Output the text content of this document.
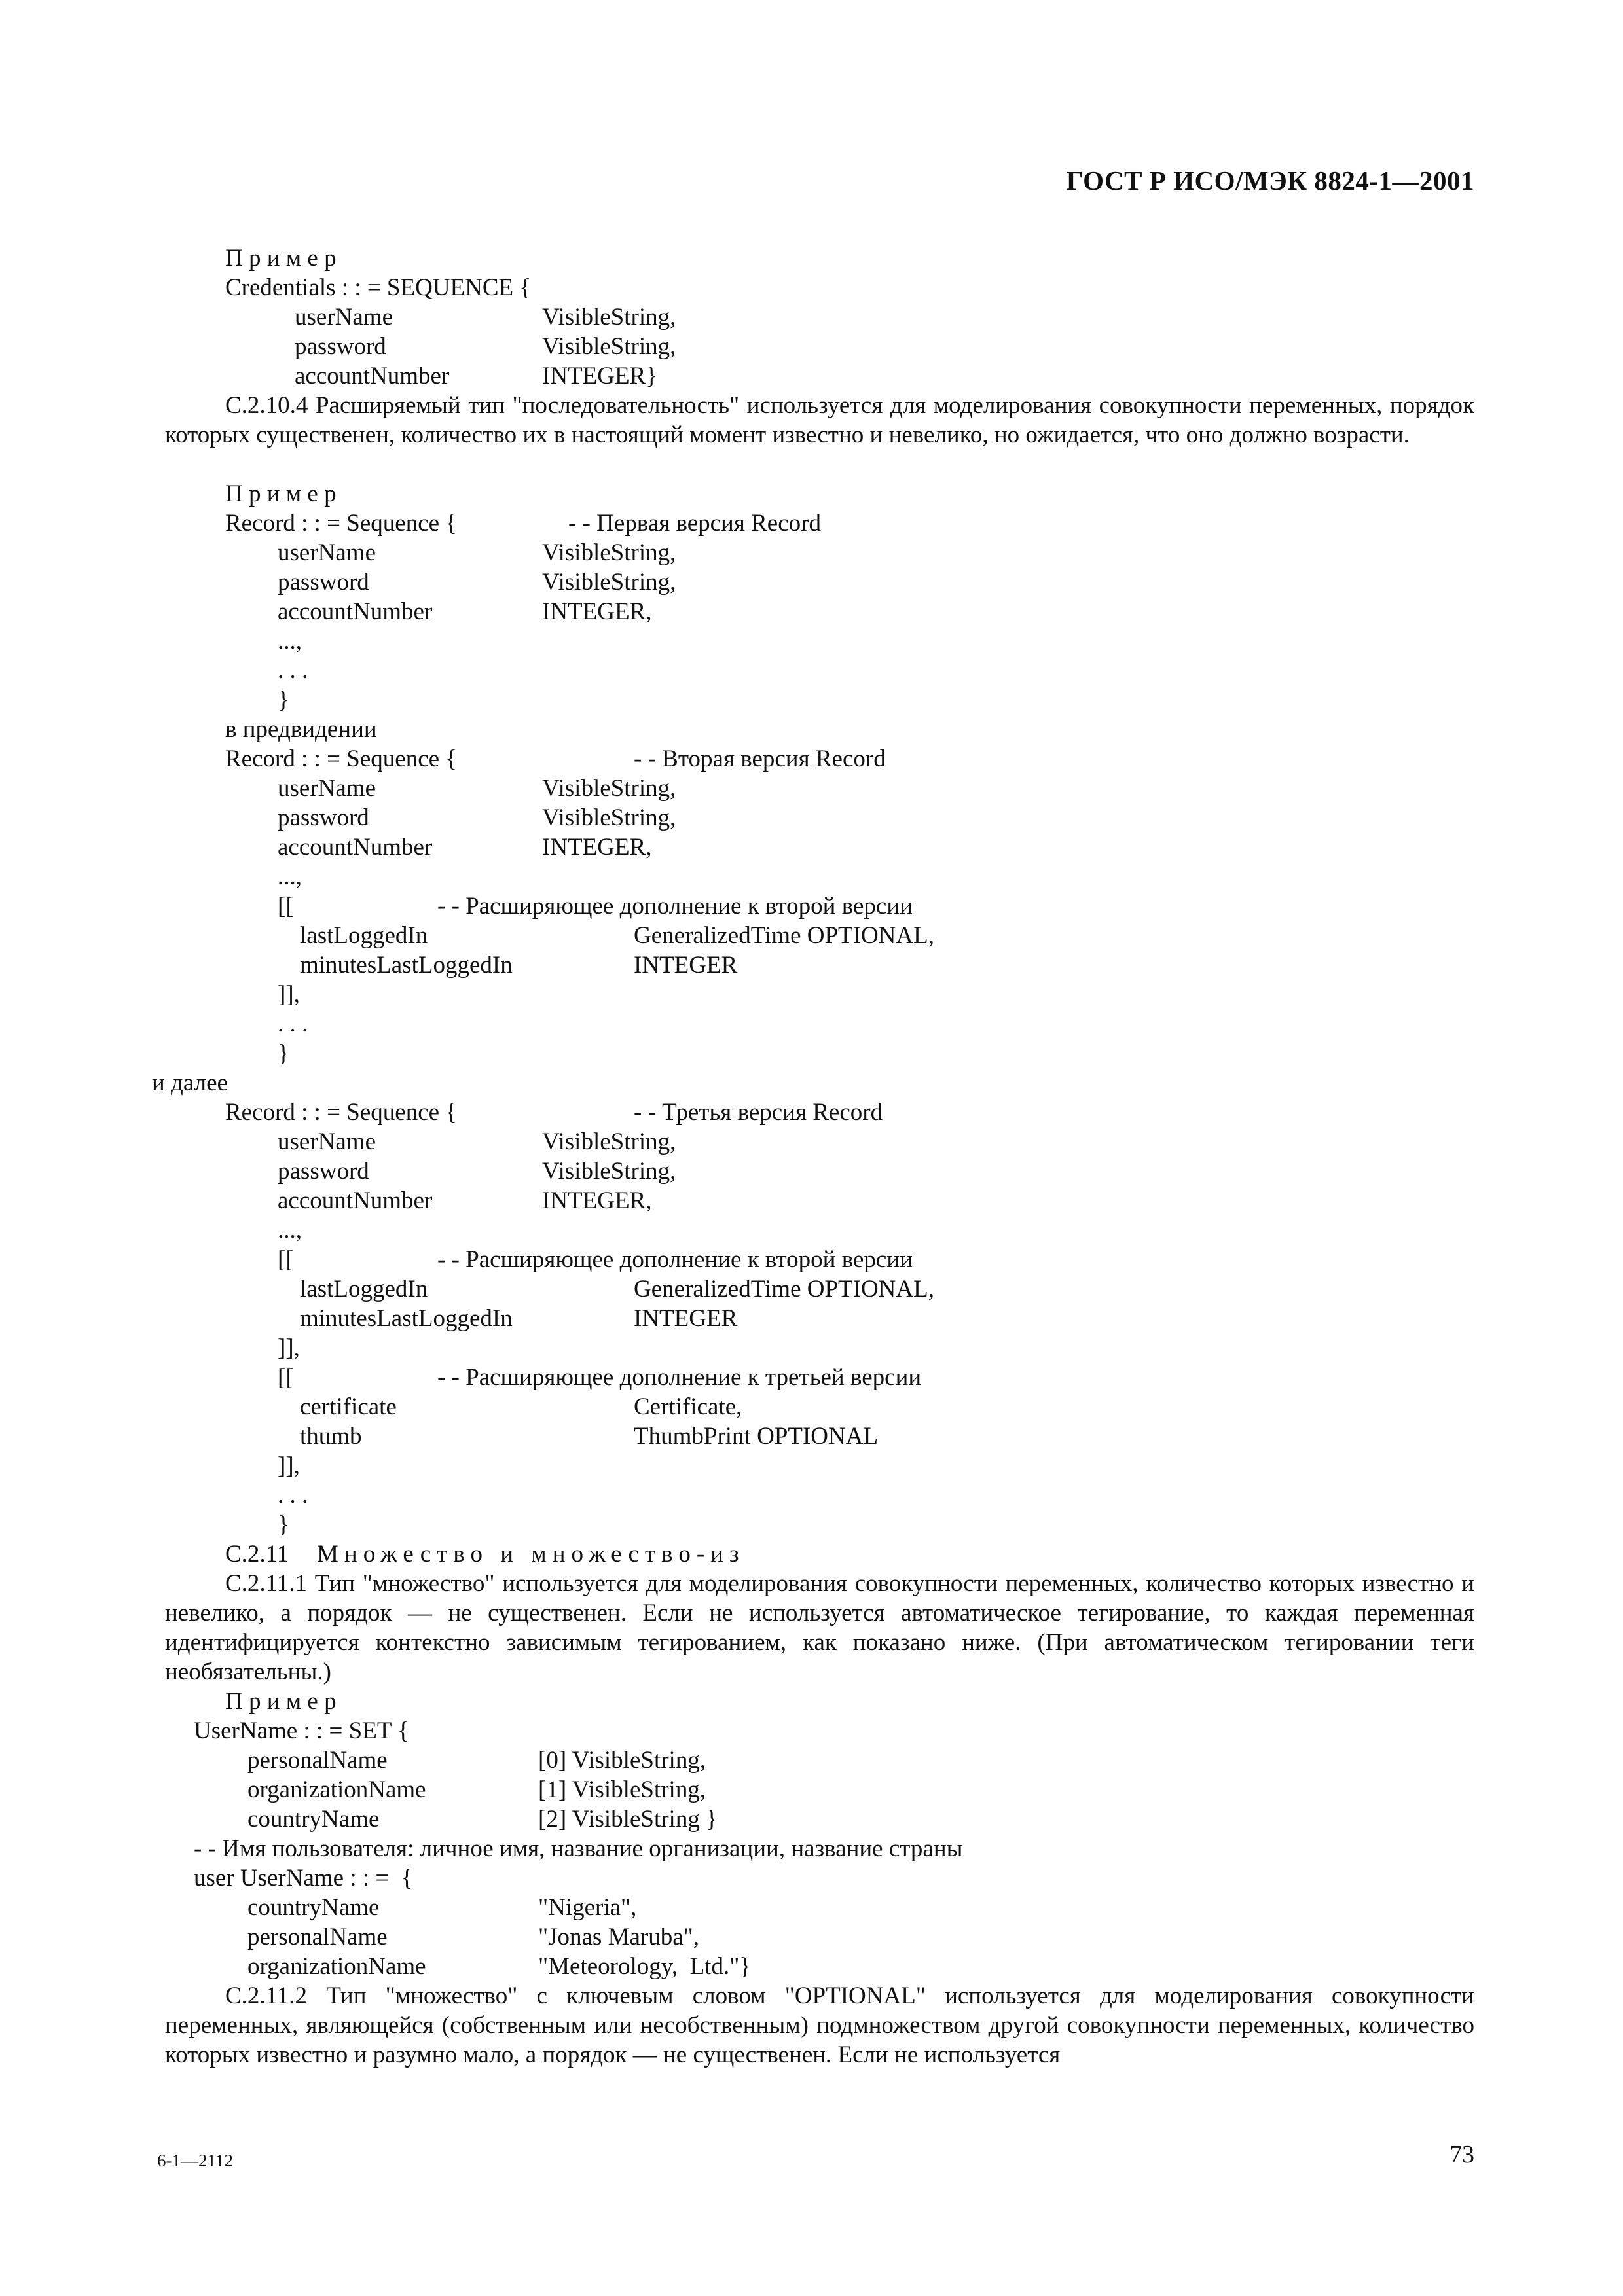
ГОСТ Р ИСО/МЭК 8824-1—2001
П р и м е р
Credentials : : = SEQUENCE {
userName	VisibleString,
password	VisibleString,
accountNumber	INTEGER}
C.2.10.4 Расширяемый тип "последовательность" используется для моделирования совокупности переменных, порядок которых существенен, количество их в настоящий момент известно и невелико, но ожидается, что оно должно возрасти.
П р и м е р
Record : : = Sequence {	- - Первая версия Record
userName	VisibleString,
password	VisibleString,
accountNumber	INTEGER,
...,
. . .
}
в предвидении
Record : : = Sequence {	- - Вторая версия Record
userName	VisibleString,
password	VisibleString,
accountNumber	INTEGER,
...,
[[	- - Расширяющее дополнение к второй версии
lastLoggedIn	GeneralizedTime OPTIONAL,
minutesLastLoggedIn	INTEGER
]],
. . .
}
и далее
Record : : = Sequence {	- - Третья версия Record
userName	VisibleString,
password	VisibleString,
accountNumber	INTEGER,
...,
[[	- - Расширяющее дополнение к второй версии
lastLoggedIn	GeneralizedTime OPTIONAL,
minutesLastLoggedIn	INTEGER
]],
[[	- - Расширяющее дополнение к третьей версии
certificate	Certificate,
thumb	ThumbPrint OPTIONAL
]],
. . .
}
C.2.11 Множество и множество-из
C.2.11.1 Тип "множество" используется для моделирования совокупности переменных, количество которых известно и невелико, а порядок — не существенен. Если не используется автоматическое тегирование, то каждая переменная идентифицируется контекстно зависимым тегированием, как показано ниже. (При автоматическом тегировании теги необязательны.)
П р и м е р
UserName : : = SET {
personalName	[0] VisibleString,
organizationName	[1] VisibleString,
countryName	[2] VisibleString }
- - Имя пользователя: личное имя, название организации, название страны
user UserName : : =  {
countryName	"Nigeria",
personalName	"Jonas Maruba",
organizationName	"Meteorology,  Ltd."}
C.2.11.2 Тип "множество" с ключевым словом "OPTIONAL" используется для моделирования совокупности переменных, являющейся (собственным или несобственным) подмножеством другой совокупности переменных, количество которых известно и разумно мало, а порядок — не существенен. Если не используется
6-1—2112	73
